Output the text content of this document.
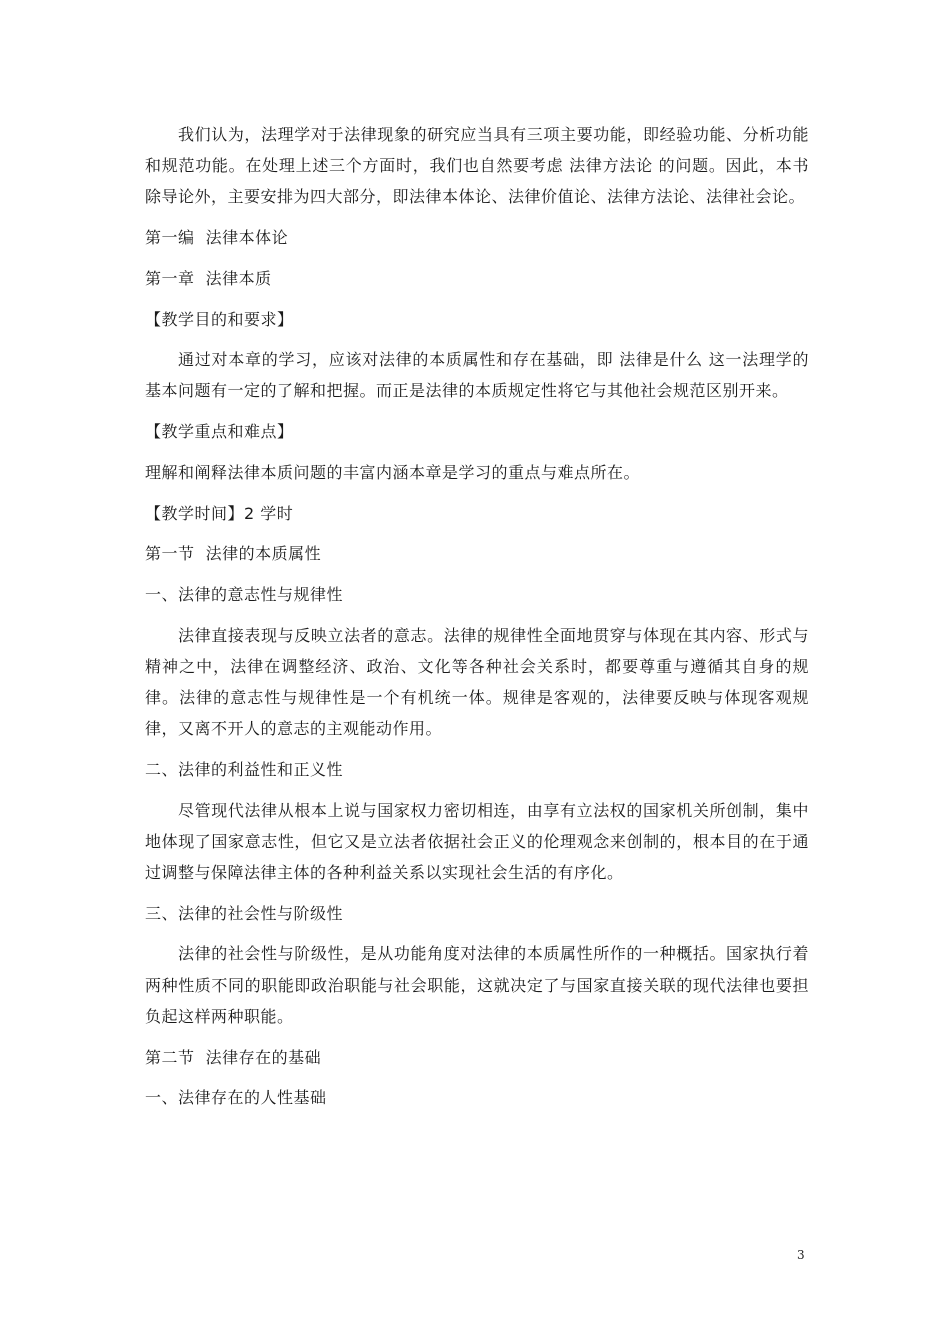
我们认为，法理学对于法律现象的研究应当具有三项主要功能，即经验功能、分析功能和规范功能。在处理上述三个方面时，我们也自然要考虑 法律方法论 的问题。因此，本书除导论外，主要安排为四大部分，即法律本体论、法律价值论、法律方法论、法律社会论。

第一编  法律本体论

第一章  法律本质

【教学目的和要求】

通过对本章的学习，应该对法律的本质属性和存在基础，即 法律是什么 这一法理学的基本问题有一定的了解和把握。而正是法律的本质规定性将它与其他社会规范区别开来。

【教学重点和难点】

理解和阐释法律本质问题的丰富内涵本章是学习的重点与难点所在。

【教学时间】2 学时

第一节  法律的本质属性

一、法律的意志性与规律性

法律直接表现与反映立法者的意志。法律的规律性全面地贯穿与体现在其内容、形式与精神之中，法律在调整经济、政治、文化等各种社会关系时，都要尊重与遵循其自身的规律。法律的意志性与规律性是一个有机统一体。规律是客观的，法律要反映与体现客观规律，又离不开人的意志的主观能动作用。

二、法律的利益性和正义性

尽管现代法律从根本上说与国家权力密切相连，由享有立法权的国家机关所创制，集中地体现了国家意志性，但它又是立法者依据社会正义的伦理观念来创制的，根本目的在于通过调整与保障法律主体的各种利益关系以实现社会生活的有序化。

三、法律的社会性与阶级性

法律的社会性与阶级性，是从功能角度对法律的本质属性所作的一种概括。国家执行着两种性质不同的职能即政治职能与社会职能，这就决定了与国家直接关联的现代法律也要担负起这样两种职能。

第二节  法律存在的基础

一、法律存在的人性基础

3
